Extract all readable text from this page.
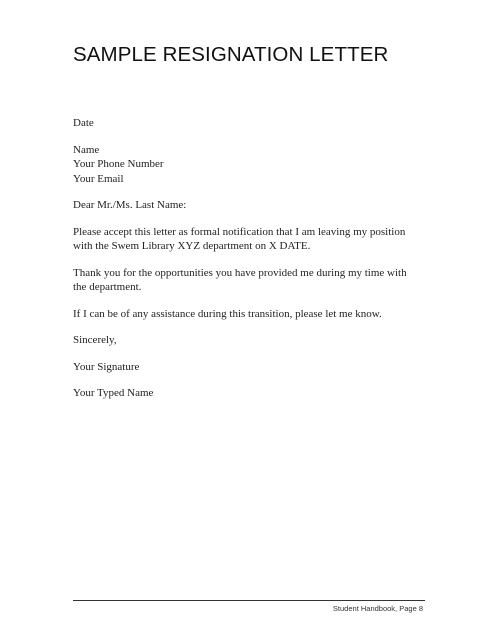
SAMPLE RESIGNATION LETTER

Date

Name
Your Phone Number
Your Email

Dear Mr./Ms. Last Name:

Please accept this letter as formal notification that I am leaving my position
with the Swem Library XYZ department on X DATE.

Thank you for the opportunities you have provided me during my time with
the department.

If I can be of any assistance during this transition, please let me know.

Sincerely,

Your Signature

Your Typed Name

Student Handbook, Page 8
